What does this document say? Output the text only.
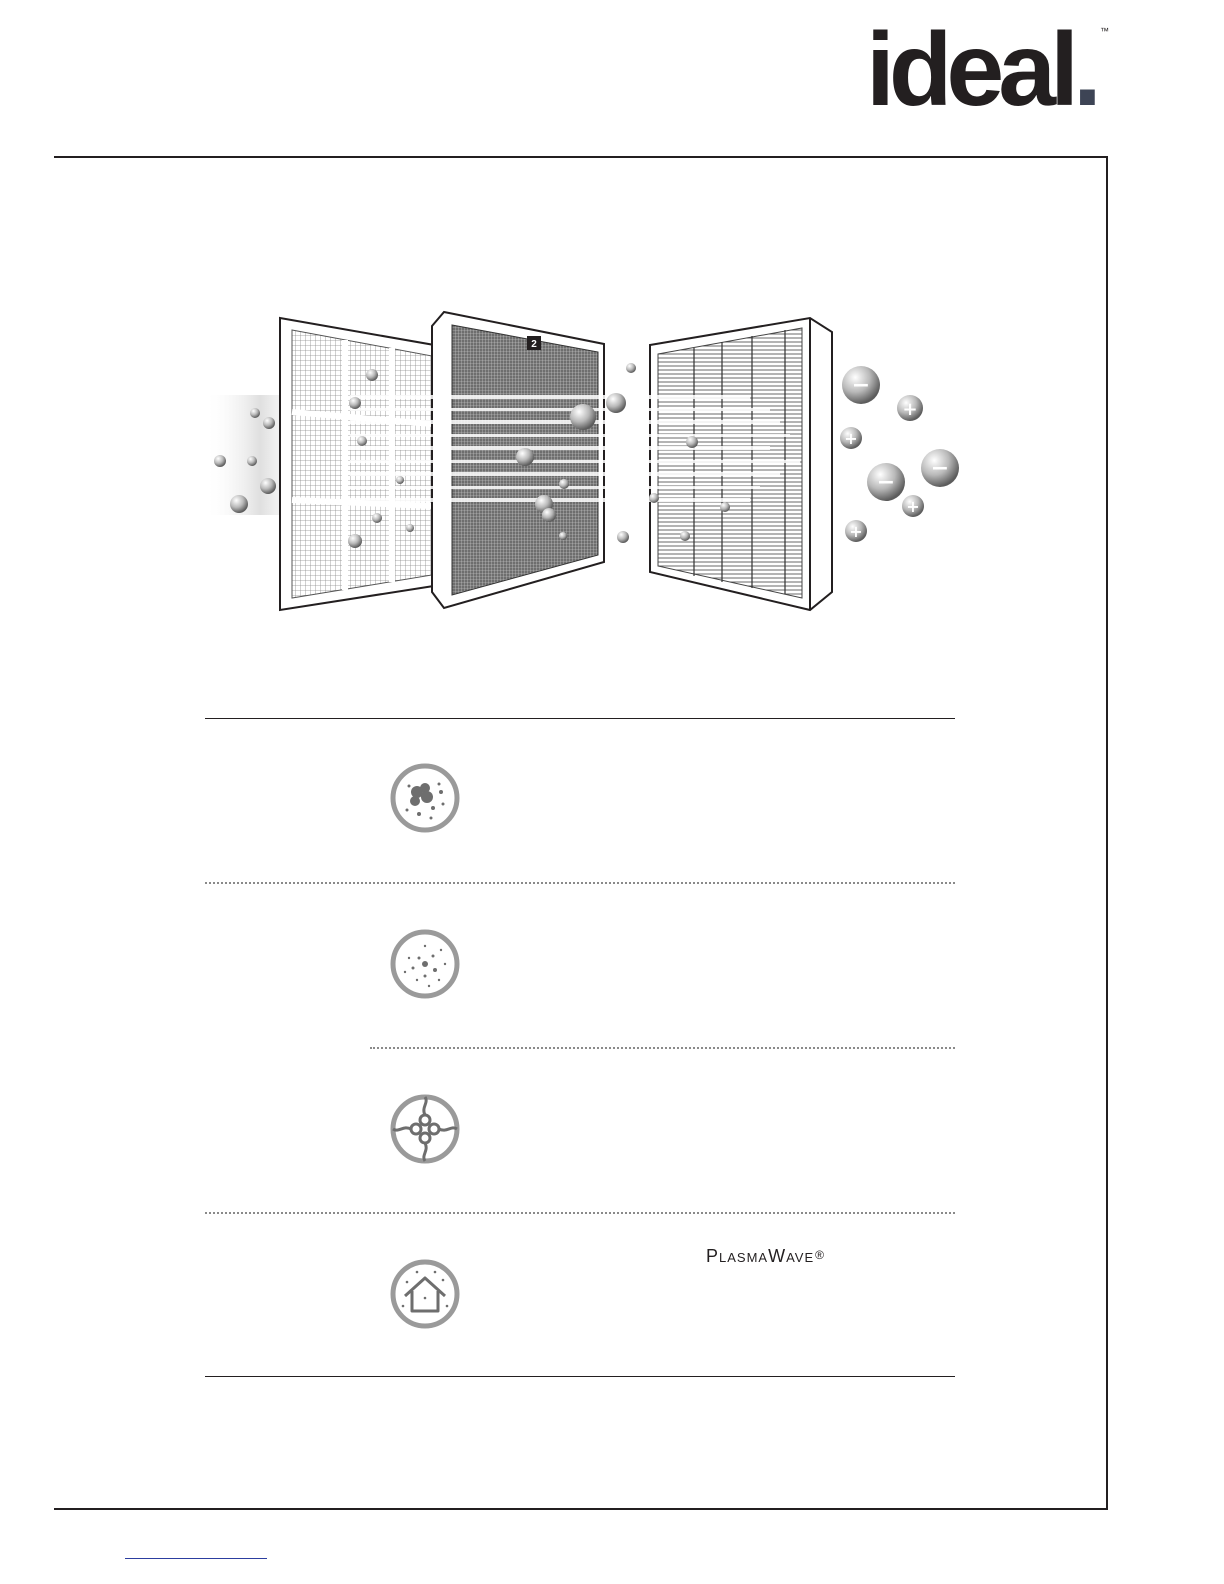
ideal. ™
2
−
+
+
−
−
+
+
PlasmaWave®
